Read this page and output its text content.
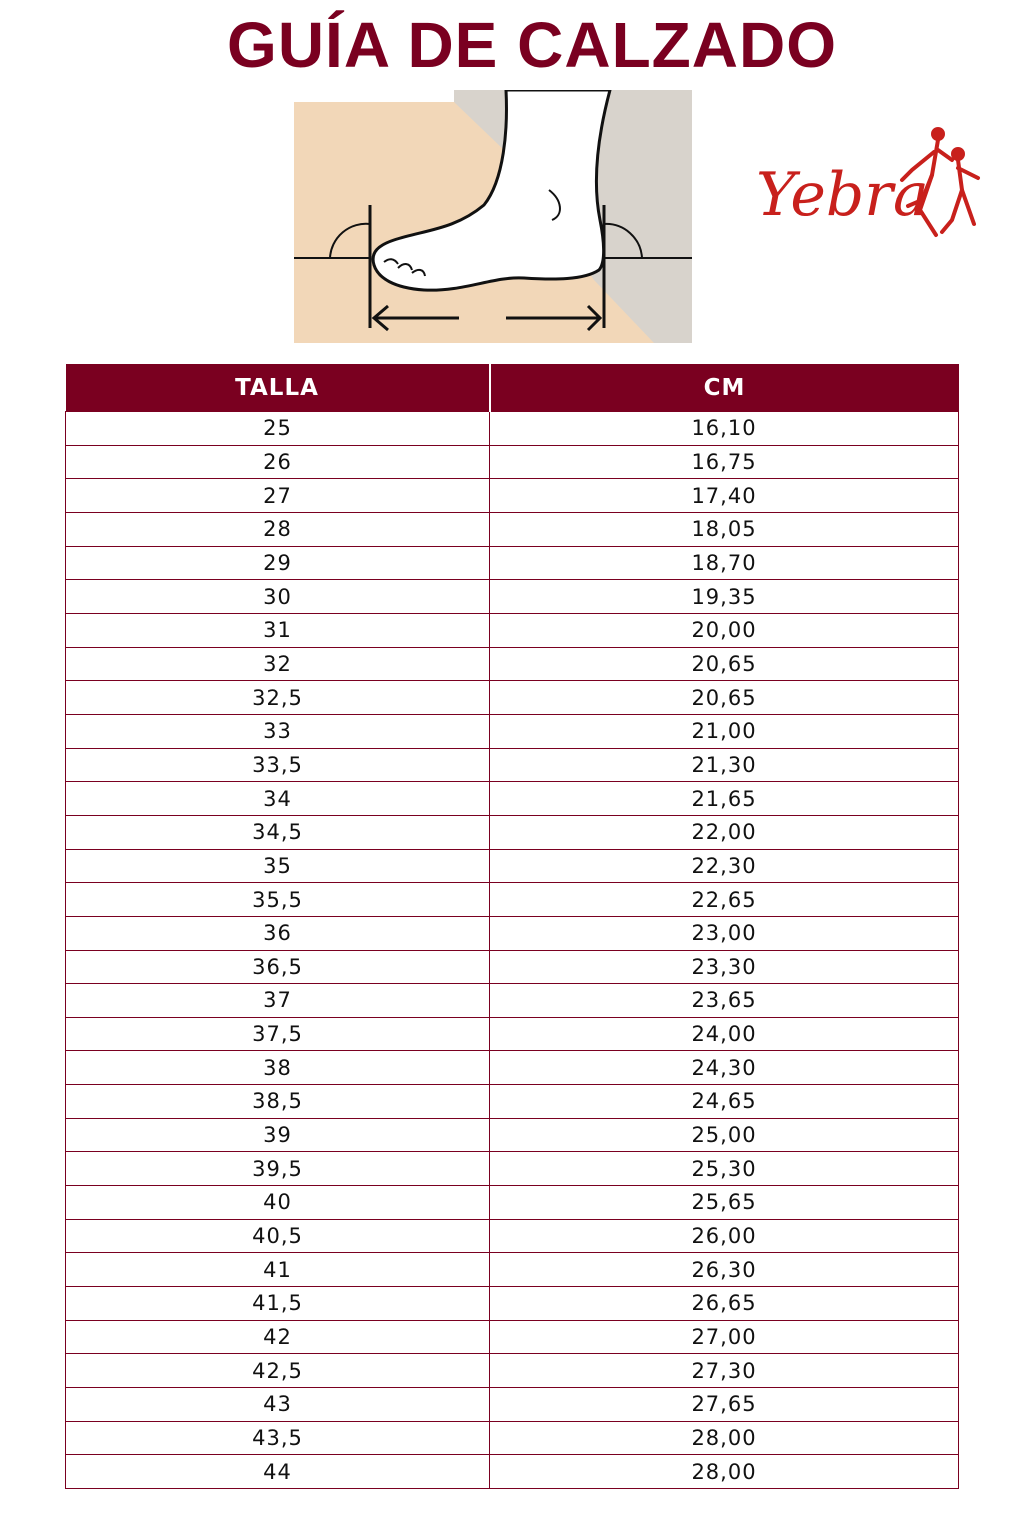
GUÍA DE CALZADO
Yebra
TALLA	CM
25	16,10
26	16,75
27	17,40
28	18,05
29	18,70
30	19,35
31	20,00
32	20,65
32,5	20,65
33	21,00
33,5	21,30
34	21,65
34,5	22,00
35	22,30
35,5	22,65
36	23,00
36,5	23,30
37	23,65
37,5	24,00
38	24,30
38,5	24,65
39	25,00
39,5	25,30
40	25,65
40,5	26,00
41	26,30
41,5	26,65
42	27,00
42,5	27,30
43	27,65
43,5	28,00
44	28,00
